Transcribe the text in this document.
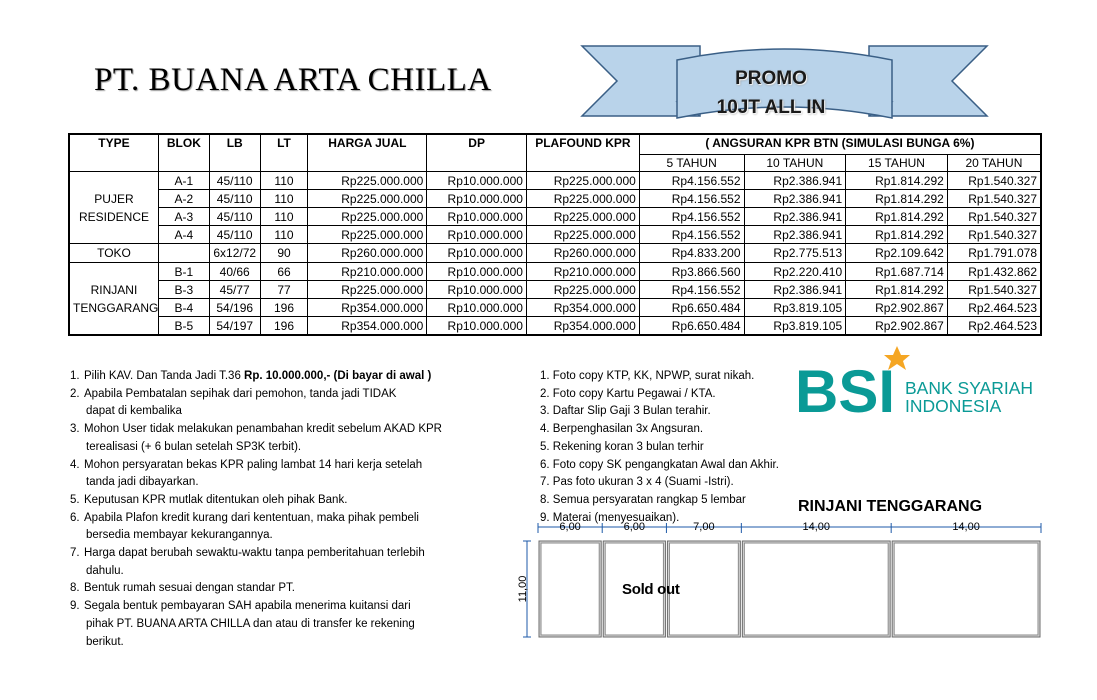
PT. BUANA ARTA CHILLA	PROMO
10JT ALL IN
TYPE	BLOK	LB	LT	HARGA JUAL	DP	PLAFOUND KPR	( ANGSURAN KPR BTN (SIMULASI BUNGA 6%)			
							5 TAHUN	10 TAHUN	15 TAHUN	20 TAHUN
PUJER RESIDENCE	A-1	45/110	110	Rp225.000.000	Rp10.000.000	Rp225.000.000	Rp4.156.552	Rp2.386.941	Rp1.814.292	Rp1.540.327
	A-2	45/110	110	Rp225.000.000	Rp10.000.000	Rp225.000.000	Rp4.156.552	Rp2.386.941	Rp1.814.292	Rp1.540.327
	A-3	45/110	110	Rp225.000.000	Rp10.000.000	Rp225.000.000	Rp4.156.552	Rp2.386.941	Rp1.814.292	Rp1.540.327
	A-4	45/110	110	Rp225.000.000	Rp10.000.000	Rp225.000.000	Rp4.156.552	Rp2.386.941	Rp1.814.292	Rp1.540.327
TOKO		6x12/72	90	Rp260.000.000	Rp10.000.000	Rp260.000.000	Rp4.833.200	Rp2.775.513	Rp2.109.642	Rp1.791.078
RINJANI TENGGARANG	B-1	40/66	66	Rp210.000.000	Rp10.000.000	Rp210.000.000	Rp3.866.560	Rp2.220.410	Rp1.687.714	Rp1.432.862
	B-3	45/77	77	Rp225.000.000	Rp10.000.000	Rp225.000.000	Rp4.156.552	Rp2.386.941	Rp1.814.292	Rp1.540.327
	B-4	54/196	196	Rp354.000.000	Rp10.000.000	Rp354.000.000	Rp6.650.484	Rp3.819.105	Rp2.902.867	Rp2.464.523
	B-5	54/197	196	Rp354.000.000	Rp10.000.000	Rp354.000.000	Rp6.650.484	Rp3.819.105	Rp2.902.867	Rp2.464.523
1. Pilih KAV. Dan Tanda Jadi T.36 Rp. 10.000.000,- (Di bayar di awal )
2. Apabila Pembatalan sepihak dari pemohon, tanda jadi TIDAK
dapat di kembalika
3. Mohon User tidak melakukan penambahan kredit sebelum AKAD KPR
terealisasi (+ 6 bulan setelah SP3K terbit).
4. Mohon persyaratan bekas KPR paling lambat 14 hari kerja setelah
tanda jadi dibayarkan.
5. Keputusan KPR mutlak ditentukan oleh pihak Bank.
6. Apabila Plafon kredit kurang dari kententuan, maka pihak pembeli
bersedia membayar kekurangannya.
7. Harga dapat berubah sewaktu-waktu tanpa pemberitahuan terlebih
dahulu.
8. Bentuk rumah sesuai dengan standar PT.
9. Segala bentuk pembayaran SAH apabila menerima kuitansi dari
pihak PT. BUANA ARTA CHILLA dan atau di transfer ke rekening
berikut.
1. Foto copy KTP, KK, NPWP, surat nikah.
2. Foto copy Kartu Pegawai / KTA.
3. Daftar Slip Gaji 3 Bulan terahir.
4. Berpenghasilan 3x Angsuran.
5. Rekening koran 3 bulan terhir
6. Foto copy SK pengangkatan Awal dan Akhir.
7. Pas foto ukuran 3 x 4 (Suami -Istri).
8. Semua persyaratan rangkap 5 lembar
9. Materai (menyesuaikan).
BSI BANK SYARIAH
INDONESIA
RINJANI TENGGARANG
11,00
6,00	6,00	7,00	14,00	14,00
Sold out
